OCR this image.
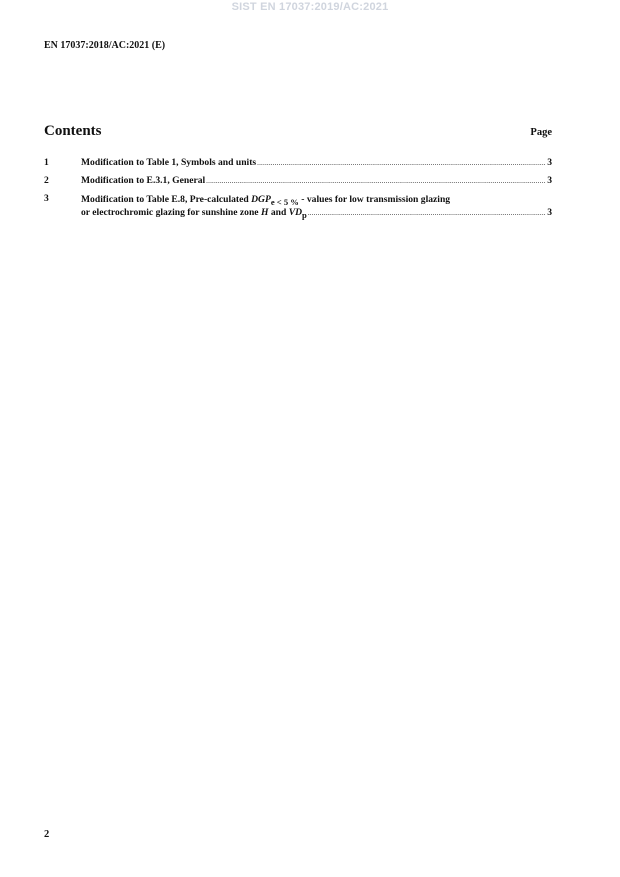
SIST EN 17037:2019/AC:2021
EN 17037:2018/AC:2021 (E)
Contents	Page
1	Modification to Table 1, Symbols and units .....	3
2	Modification to E.3.1, General .....	3
3	Modification to Table E.8, Pre-calculated DGPe < 5 % - values for low transmission glazing
or electrochromic glazing for sunshine zone H and VDp .....	3
2
